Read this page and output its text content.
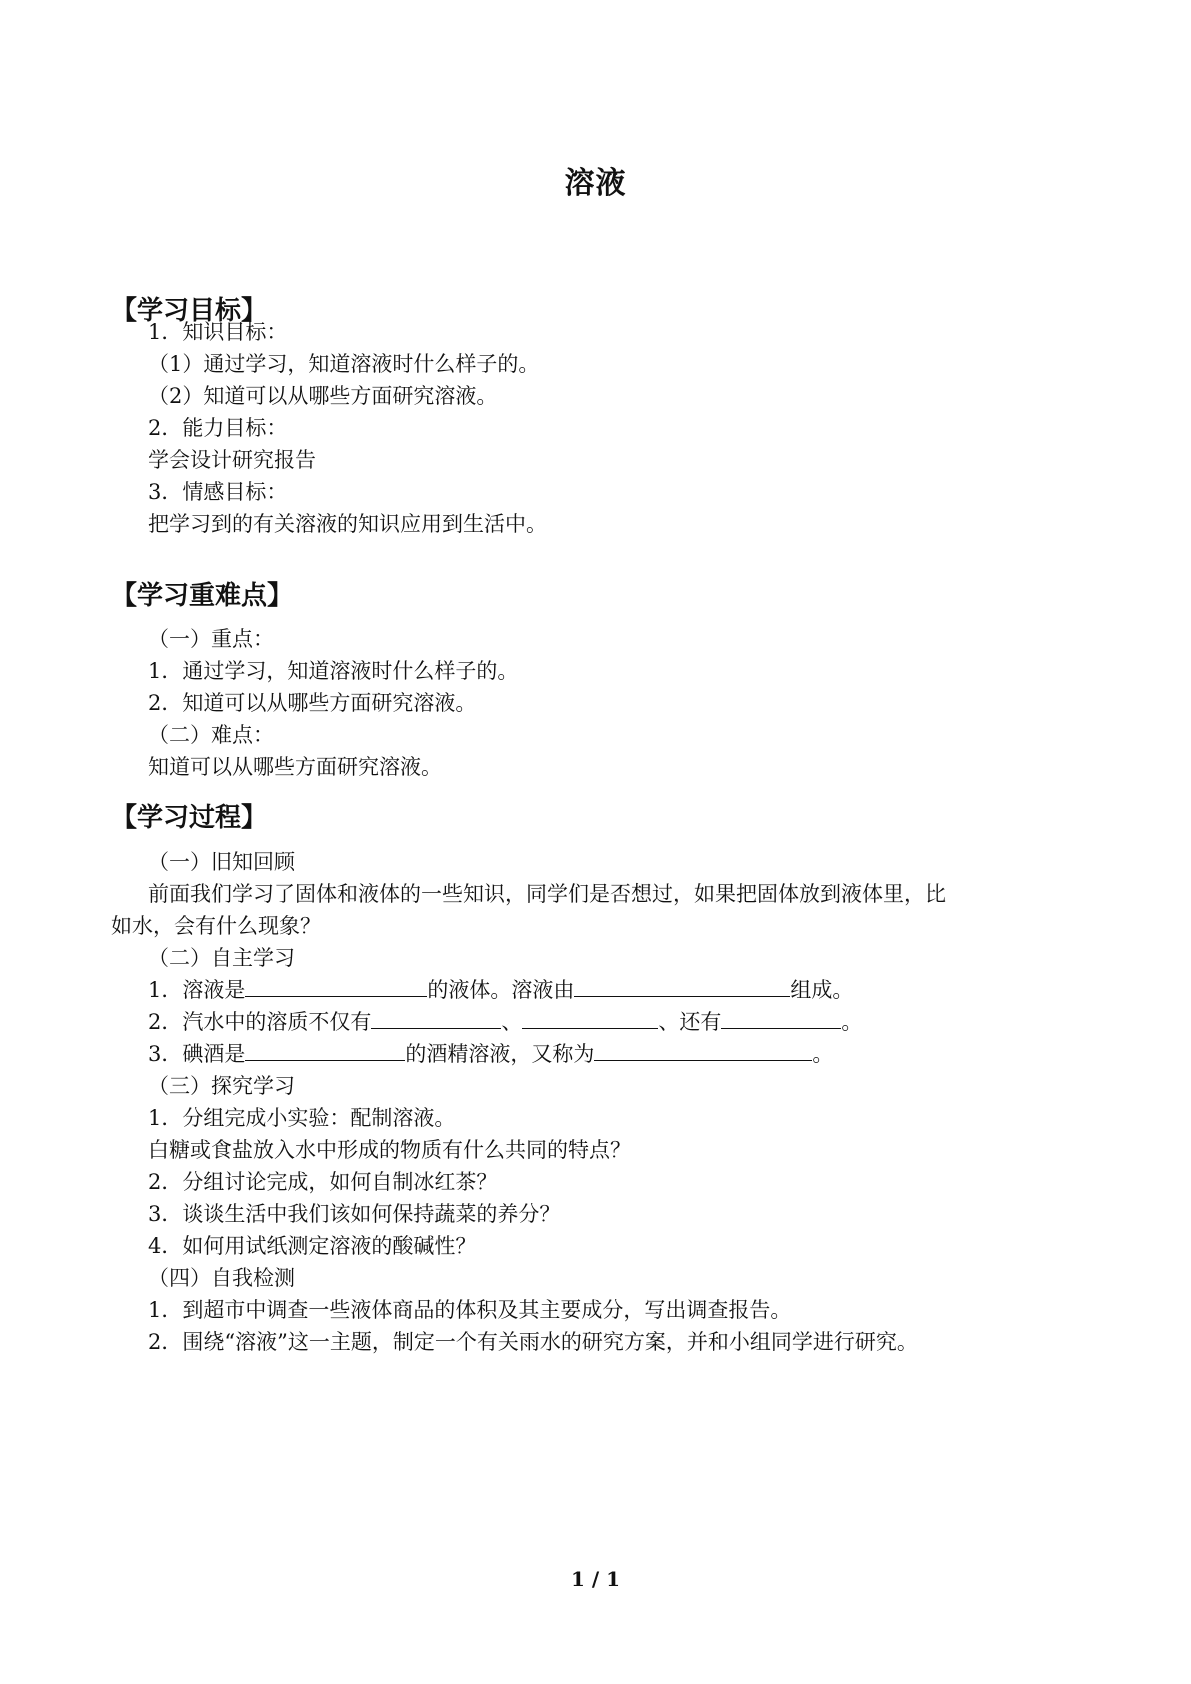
溶液
【学习目标】
1．知识目标：
（1）通过学习，知道溶液时什么样子的。
（2）知道可以从哪些方面研究溶液。
2．能力目标：
学会设计研究报告
3．情感目标：
把学习到的有关溶液的知识应用到生活中。
【学习重难点】
（一）重点：
1．通过学习，知道溶液时什么样子的。
2．知道可以从哪些方面研究溶液。
（二）难点：
知道可以从哪些方面研究溶液。
【学习过程】
（一）旧知回顾
前面我们学习了固体和液体的一些知识，同学们是否想过，如果把固体放到液体里，比
如水，会有什么现象？
（二）自主学习
1．溶液是	的液体。溶液由	组成。
2．汽水中的溶质不仅有	、	、还有	。
3．碘酒是	的酒精溶液，又称为	。
（三）探究学习
1．分组完成小实验：配制溶液。
白糖或食盐放入水中形成的物质有什么共同的特点？
2．分组讨论完成，如何自制冰红茶？
3．谈谈生活中我们该如何保持蔬菜的养分？
4．如何用试纸测定溶液的酸碱性？
（四）自我检测
1．到超市中调查一些液体商品的体积及其主要成分，写出调查报告。
2．围绕“溶液”这一主题，制定一个有关雨水的研究方案，并和小组同学进行研究。
1 / 1
